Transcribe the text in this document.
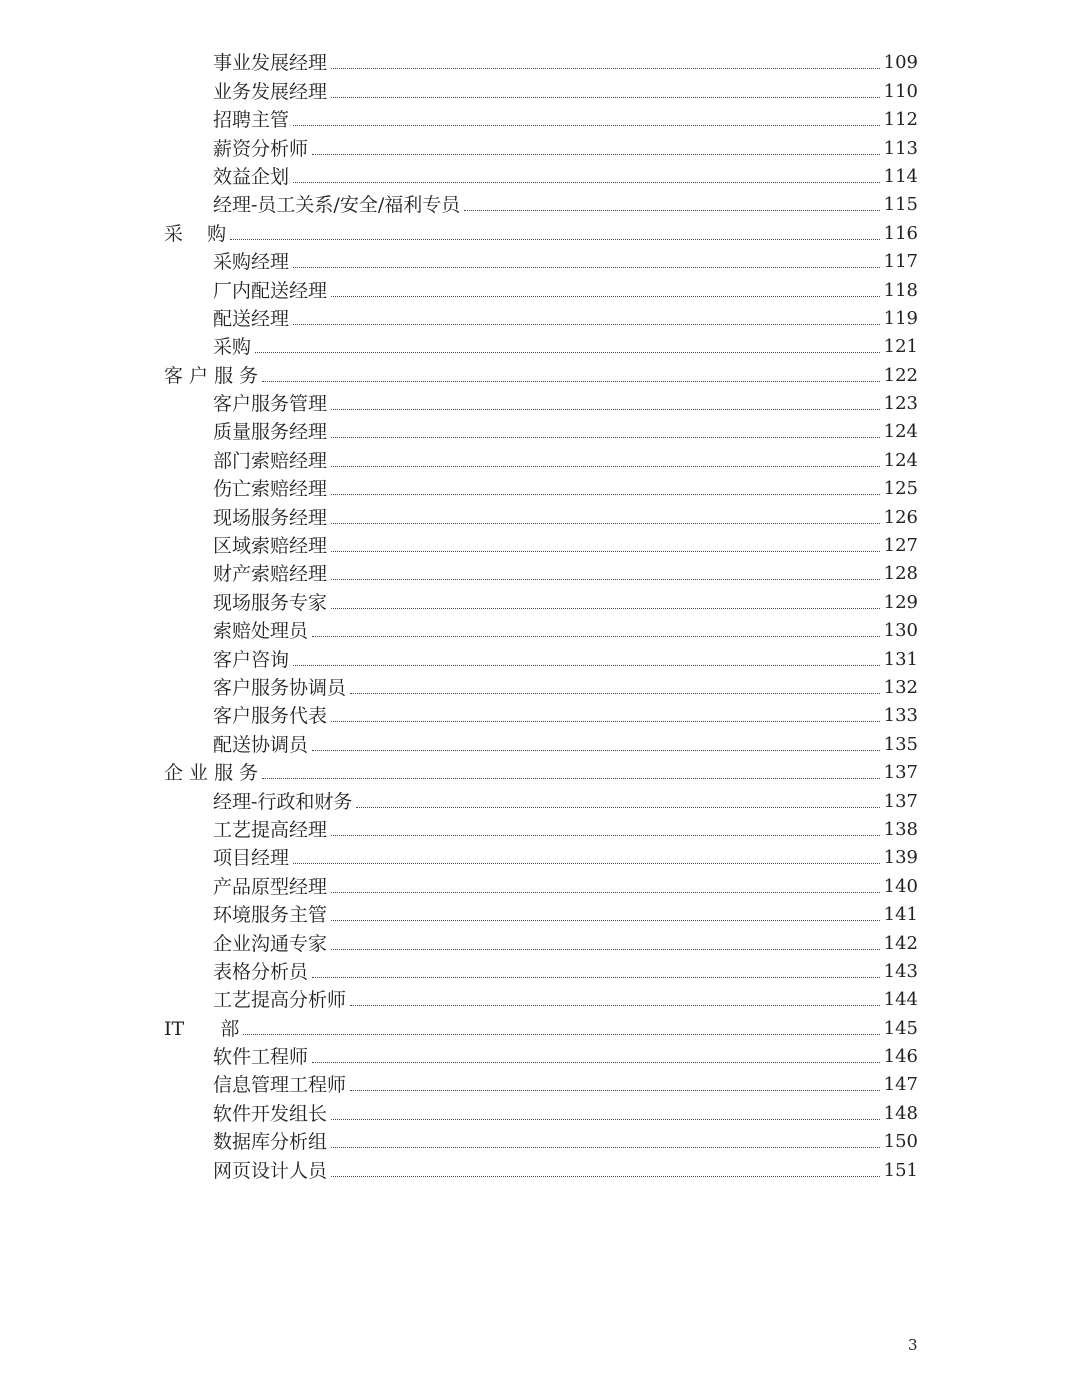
事业发展经理	109
业务发展经理	110
招聘主管	112
薪资分析师	113
效益企划	114
经理-员工关系/安全/福利专员	115
采    购	116
采购经理	117
厂内配送经理	118
配送经理	119
采购	121
客 户 服 务	122
客户服务管理	123
质量服务经理	124
部门索赔经理	124
伤亡索赔经理	125
现场服务经理	126
区域索赔经理	127
财产索赔经理	128
现场服务专家	129
索赔处理员	130
客户咨询	131
客户服务协调员	132
客户服务代表	133
配送协调员	135
企 业 服 务	137
经理-行政和财务	137
工艺提高经理	138
项目经理	139
产品原型经理	140
环境服务主管	141
企业沟通专家	142
表格分析员	143
工艺提高分析师	144
IT      部	145
软件工程师	146
信息管理工程师	147
软件开发组长	148
数据库分析组	150
网页设计人员	151
3
